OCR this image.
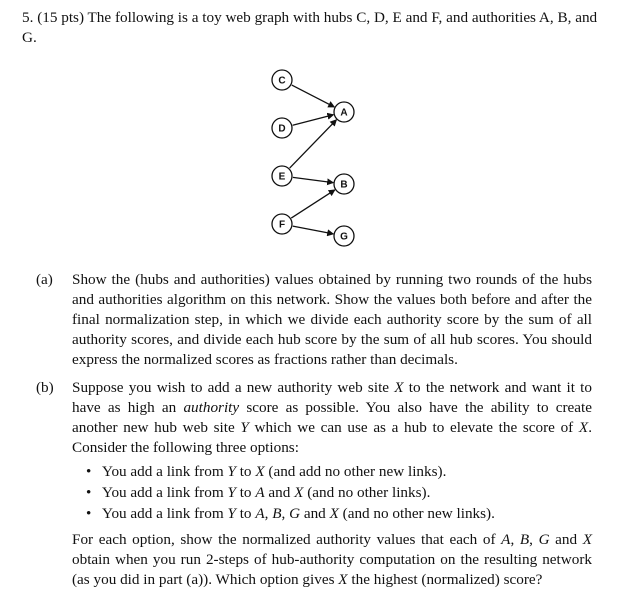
5. (15 pts) The following is a toy web graph with hubs C, D, E and F, and authorities A, B, and G.

C
D
E
F
A
B
G
(a) Show the (hubs and authorities) values obtained by running two rounds of the hubs and authorities algorithm on this network. Show the values both before and after the final normalization step, in which we divide each authority score by the sum of all authority scores, and divide each hub score by the sum of all hub scores. You should express the normalized scores as fractions rather than decimals.

(b) Suppose you wish to add a new authority web site X to the network and want it to have as high an authority score as possible. You also have the ability to create another new hub web site Y which we can use as a hub to elevate the score of X. Consider the following three options:

• You add a link from Y to X (and add no other new links).
• You add a link from Y to A and X (and no other links).
• You add a link from Y to A, B, G and X (and no other new links).

For each option, show the normalized authority values that each of A, B, G and X obtain when you run 2-steps of hub-authority computation on the resulting network (as you did in part (a)). Which option gives X the highest (normalized) score?
